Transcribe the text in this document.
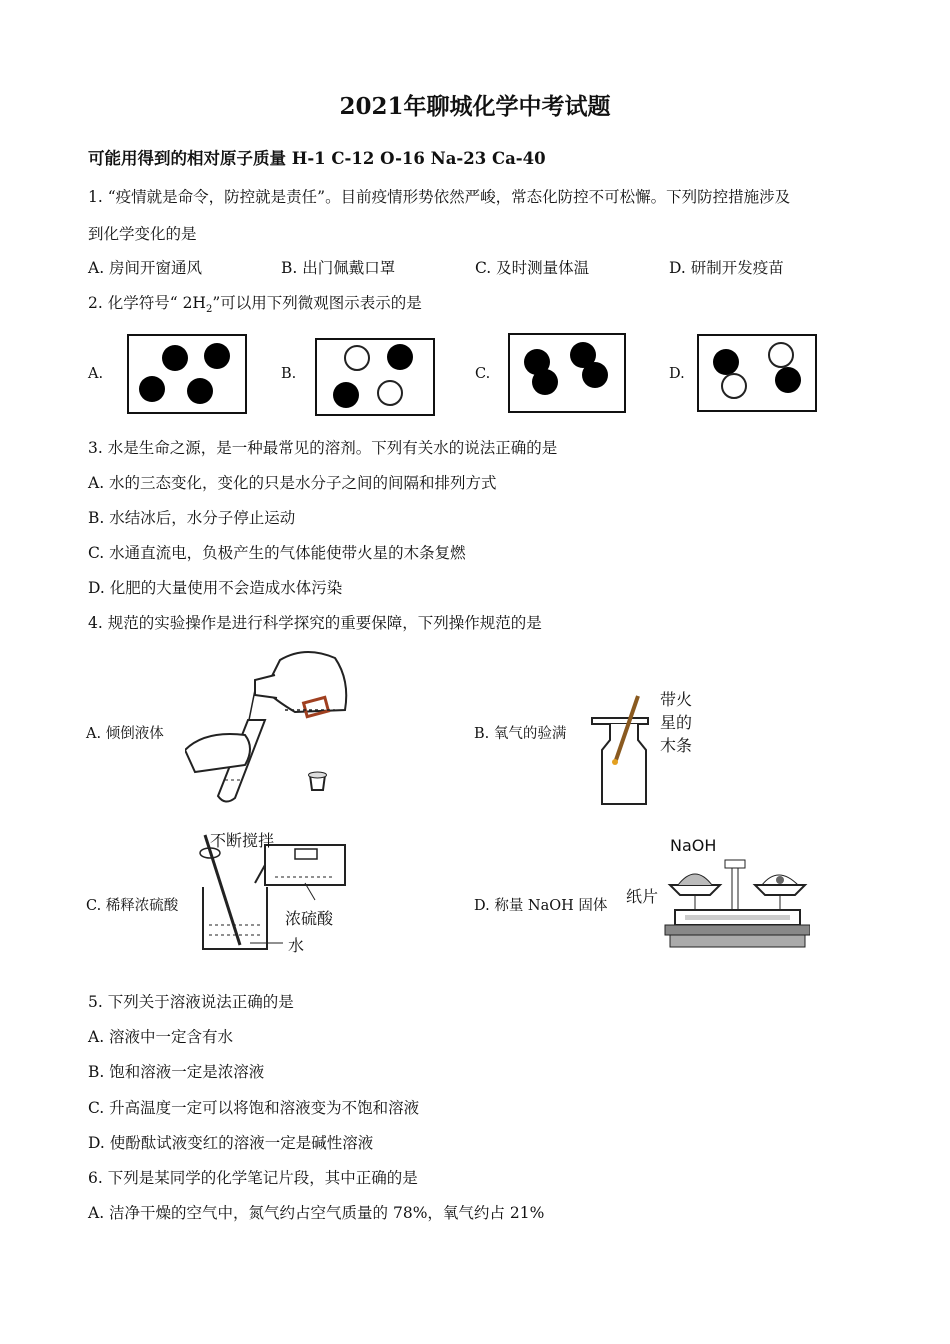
2021年聊城化学中考试题
可能用得到的相对原子质量 H-1 C-12 O-16 Na-23 Ca-40
1. “疫情就是命令，防控就是责任”。目前疫情形势依然严峻，常态化防控不可松懈。下列防控措施涉及
到化学变化的是
A. 房间开窗通风	B. 出门佩戴口罩	C. 及时测量体温	D. 研制开发疫苗
2. 化学符号“ $2H_2$”可以用下列微观图示表示的是
A.	B.	C.	D.
3. 水是生命之源，是一种最常见的溶剂。下列有关水的说法正确的是
A. 水的三态变化，变化的只是水分子之间的间隔和排列方式
B. 水结冰后，水分子停止运动
C. 水通直流电，负极产生的气体能使带火星的木条复燃
D. 化肥的大量使用不会造成水体污染
4. 规范的实验操作是进行科学探究的重要保障，下列操作规范的是
A. 倾倒液体	B. 氧气的验满
带火
星的
木条
C. 稀释浓硫酸
不断搅拌
浓硫酸
水
D. 称量 NaOH 固体
NaOH
纸片
5. 下列关于溶液说法正确的是
A. 溶液中一定含有水
B. 饱和溶液一定是浓溶液
C. 升高温度一定可以将饱和溶液变为不饱和溶液
D. 使酚酞试液变红的溶液一定是碱性溶液
6. 下列是某同学的化学笔记片段，其中正确的是
A. 洁净干燥的空气中，氮气约占空气质量的 78%，氧气约占 21%
